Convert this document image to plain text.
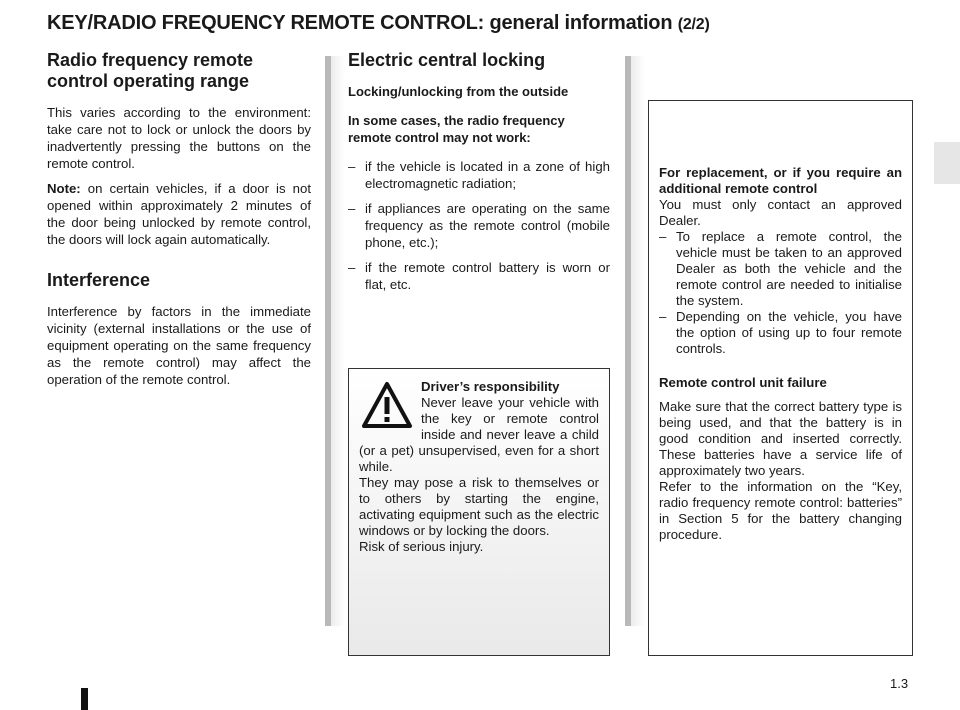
KEY/RADIO FREQUENCY REMOTE CONTROL: general information (2/2)
Radio frequency remote control operating range

This varies according to the environment: take care not to lock or unlock the doors by inadvertently pressing the buttons on the remote control.

Note: on certain vehicles, if a door is not opened within approximately 2 minutes of the door being unlocked by remote control, the doors will lock again automatically.

Interference

Interference by factors in the immediate vicinity (external installations or the use of equipment operating on the same frequency as the remote control) may affect the operation of the remote control.

Electric central locking
Locking/unlocking from the outside
In some cases, the radio frequency remote control may not work:
– if the vehicle is located in a zone of high electromagnetic radiation;
– if appliances are operating on the same frequency as the remote control (mobile phone, etc.);
– if the remote control battery is worn or flat, etc.

Driver’s responsibility

Never leave your vehicle with the key or remote control inside and never leave a child (or a pet) unsupervised, even for a short while.

They may pose a risk to themselves or to others by starting the engine, activating equipment such as the electric windows or by locking the doors.

Risk of serious injury.

For replacement, or if you require an additional remote control

You must only contact an approved Dealer.

– To replace a remote control, the vehicle must be taken to an approved Dealer as both the vehicle and the remote control are needed to initialise the system.
– Depending on the vehicle, you have the option of using up to four remote controls.

Remote control unit failure

Make sure that the correct battery type is being used, and that the battery is in good condition and inserted correctly. These batteries have a service life of approximately two years.

Refer to the information on the “Key, radio frequency remote control: batteries” in Section 5 for the battery changing procedure.

1.3
